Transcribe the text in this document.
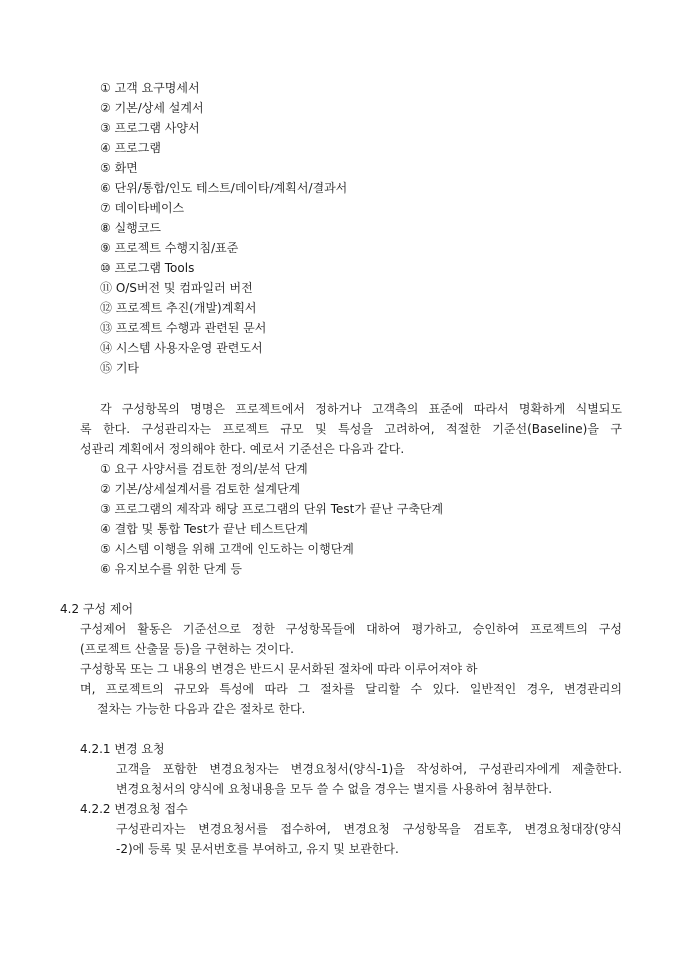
① 고객 요구명세서
② 기본/상세 설계서
③ 프로그램 사양서
④ 프로그램
⑤ 화면
⑥ 단위/통합/인도 테스트/데이타/계획서/결과서
⑦ 데이타베이스
⑧ 실행코드
⑨ 프로젝트 수행지침/표준
⑩ 프로그램 Tools
⑪ O/S버전 및 컴파일러 버전
⑫ 프로젝트 추진(개발)계획서
⑬ 프로젝트 수행과 관련된 문서
⑭ 시스템 사용자운영 관련도서
⑮ 기타
각 구성항목의 명명은 프로젝트에서 정하거나 고객측의 표준에 따라서 명확하게 식별되도
록 한다. 구성관리자는 프로젝트 규모 및 특성을 고려하여, 적절한 기준선(Baseline)을 구
성관리 계획에서 정의해야 한다. 예로서 기준선은 다음과 같다.
① 요구 사양서를 검토한 정의/분석 단계
② 기본/상세설계서를 검토한 설계단계
③ 프로그램의 제작과 해당 프로그램의 단위 Test가 끝난 구축단계
④ 결합 및 통합 Test가 끝난 테스트단계
⑤ 시스템 이행을 위해 고객에 인도하는 이행단계
⑥ 유지보수를 위한 단계 등
4.2 구성 제어
구성제어 활동은 기준선으로 정한 구성항목들에 대하여 평가하고, 승인하여 프로젝트의 구성
(프로젝트 산출물 등)을 구현하는 것이다.
구성항목 또는 그 내용의 변경은 반드시 문서화된 절차에 따라 이루어져야 하
며, 프로젝트의 규모와 특성에 따라 그 절차를 달리할 수 있다. 일반적인 경우, 변경관리의
절차는 가능한 다음과 같은 절차로 한다.
4.2.1 변경 요청
고객을 포함한 변경요청자는 변경요청서(양식-1)을 작성하여, 구성관리자에게 제출한다.
변경요청서의 양식에 요청내용을 모두 쓸 수 없을 경우는 별지를 사용하여 첨부한다.
4.2.2 변경요청 접수
구성관리자는 변경요청서를 접수하여, 변경요청 구성항목을 검토후, 변경요청대장(양식
-2)에 등록 및 문서번호를 부여하고, 유지 및 보관한다.
